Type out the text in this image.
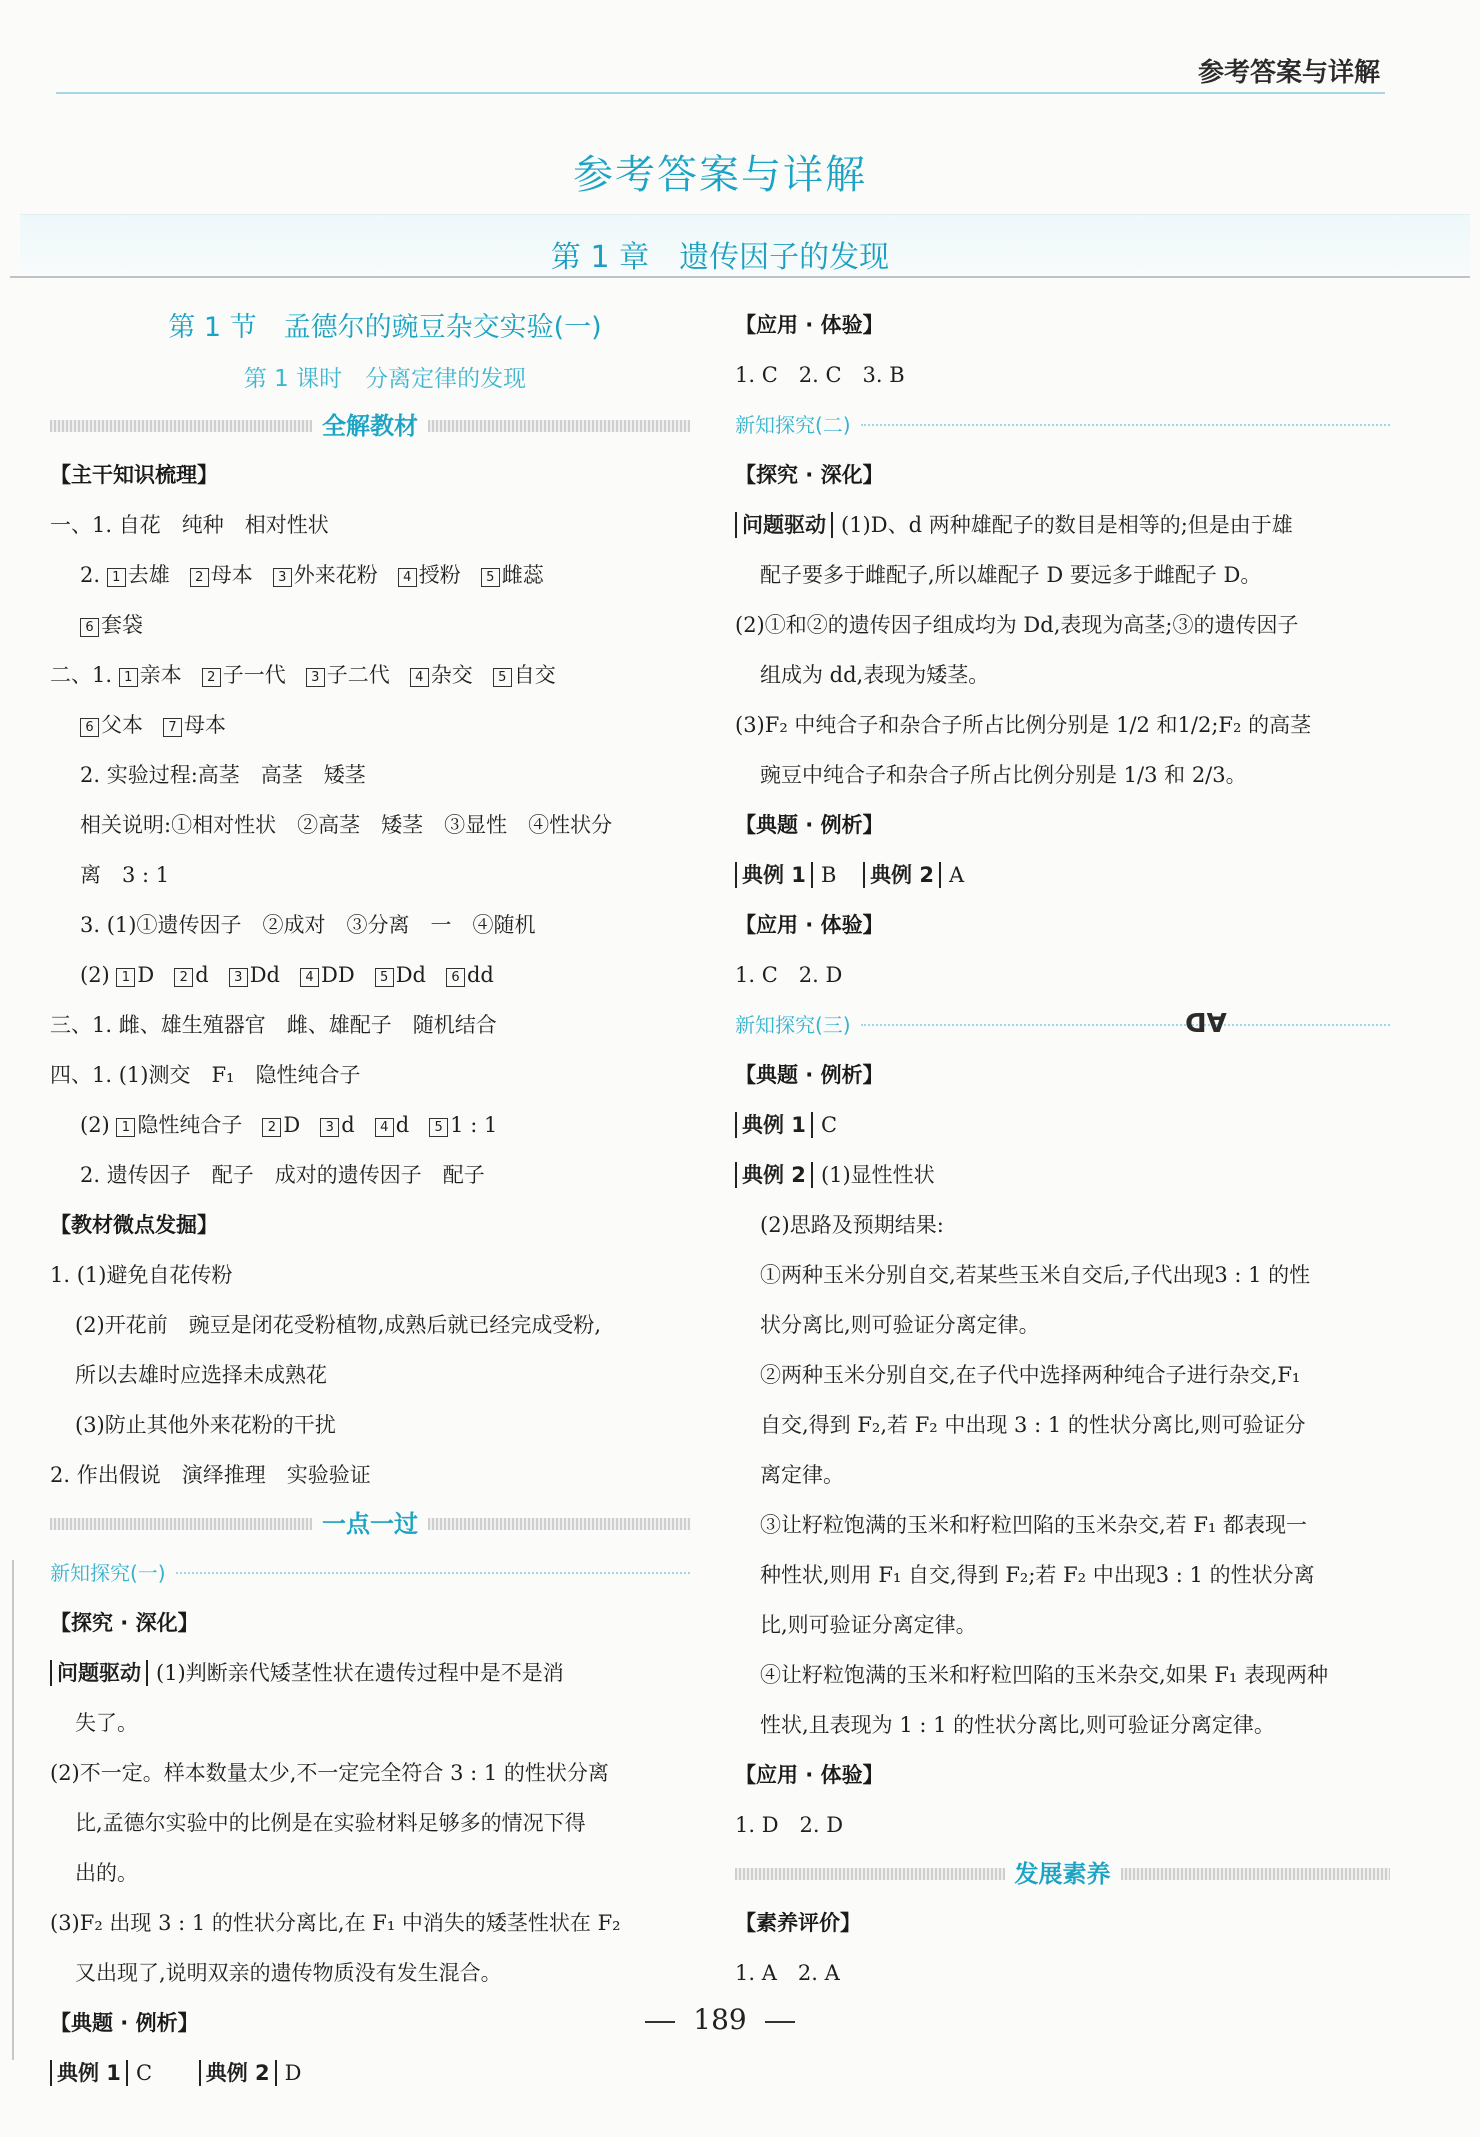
参考答案与详解
参考答案与详解
第 1 章　遗传因子的发现
第 1 节　孟德尔的豌豆杂交实验(一)
第 1 课时　分离定律的发现
全解教材
【主干知识梳理】
一、1. 自花　纯种　相对性状
2. 1 去雄 2 母本 3 外来花粉 4 授粉 5 雌蕊
6 套袋
二、1. 1 亲本 2 子一代 3 子二代 4 杂交 5 自交
6 父本 7 母本
2. 实验过程:高茎　高茎　矮茎
相关说明:①相对性状　②高茎　矮茎　③显性　④性状分
离　3 : 1
3. (1)①遗传因子　②成对　③分离　一　④随机
(2) 1 D 2 d 3 Dd 4 DD 5 Dd 6 dd
三、1. 雌、雄生殖器官　雌、雄配子　随机结合
四、1. (1)测交　F₁　隐性纯合子
(2) 1 隐性纯合子 2 D 3 d 4 d 5 1 : 1
2. 遗传因子　配子　成对的遗传因子　配子
【教材微点发掘】
1. (1)避免自花传粉
(2)开花前　豌豆是闭花受粉植物,成熟后就已经完成受粉,
所以去雄时应选择未成熟花
(3)防止其他外来花粉的干扰
2. 作出假说　演绎推理　实验验证
一点一过
新知探究(一)
【探究 · 深化】
问题驱动 (1)判断亲代矮茎性状在遗传过程中是不是消
失了。
(2)不一定。样本数量太少,不一定完全符合 3 : 1 的性状分离
比,孟德尔实验中的比例是在实验材料足够多的情况下得
出的。
(3)F₂ 出现 3 : 1 的性状分离比,在 F₁ 中消失的矮茎性状在 F₂
又出现了,说明双亲的遗传物质没有发生混合。
【典题 · 例析】
典例 1 C	典例 2 D
【应用 · 体验】
1. C　2. C　3. B
新知探究(二)
【探究 · 深化】
问题驱动 (1)D、d 两种雄配子的数目是相等的;但是由于雄
配子要多于雌配子,所以雄配子 D 要远多于雌配子 D。
(2)①和②的遗传因子组成均为 Dd,表现为高茎;③的遗传因子
组成为 dd,表现为矮茎。
(3)F₂ 中纯合子和杂合子所占比例分别是 1/2 和1/2;F₂ 的高茎
豌豆中纯合子和杂合子所占比例分别是 1/3 和 2/3。
【典题 · 例析】
典例 1 B 典例 2 A
【应用 · 体验】
1. C　2. D
新知探究(三)
【典题 · 例析】
典例 1 C
典例 2 (1)显性性状
(2)思路及预期结果:
①两种玉米分别自交,若某些玉米自交后,子代出现3 : 1 的性
状分离比,则可验证分离定律。
②两种玉米分别自交,在子代中选择两种纯合子进行杂交,F₁
自交,得到 F₂,若 F₂ 中出现 3 : 1 的性状分离比,则可验证分
离定律。
③让籽粒饱满的玉米和籽粒凹陷的玉米杂交,若 F₁ 都表现一
种性状,则用 F₁ 自交,得到 F₂;若 F₂ 中出现3 : 1 的性状分离
比,则可验证分离定律。
④让籽粒饱满的玉米和籽粒凹陷的玉米杂交,如果 F₁ 表现两种
性状,且表现为 1 : 1 的性状分离比,则可验证分离定律。
【应用 · 体验】
1. D　2. D
发展素养
【素养评价】
1. A　2. A
AD
189
